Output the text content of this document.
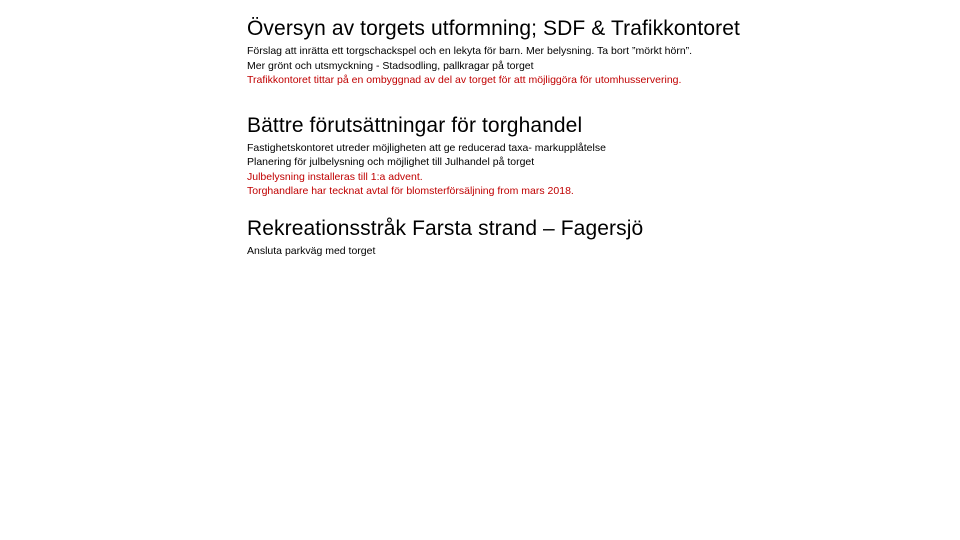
Översyn av torgets utformning; SDF & Trafikkontoret
Förslag att inrätta ett torgschackspel och en lekyta för barn. Mer belysning. Ta bort ”mörkt hörn”.
Mer grönt och utsmyckning - Stadsodling, pallkragar på torget
Trafikkontoret tittar på en ombyggnad av del av torget för att möjliggöra för utomhusservering.
Bättre förutsättningar för torghandel
Fastighetskontoret utreder möjligheten att ge reducerad taxa- markupplåtelse
Planering för julbelysning och möjlighet till Julhandel på torget
Julbelysning installeras till 1:a advent.
Torghandlare har tecknat avtal för blomsterförsäljning from mars 2018.
Rekreationsstråk Farsta strand – Fagersjö
Ansluta parkväg med torget
